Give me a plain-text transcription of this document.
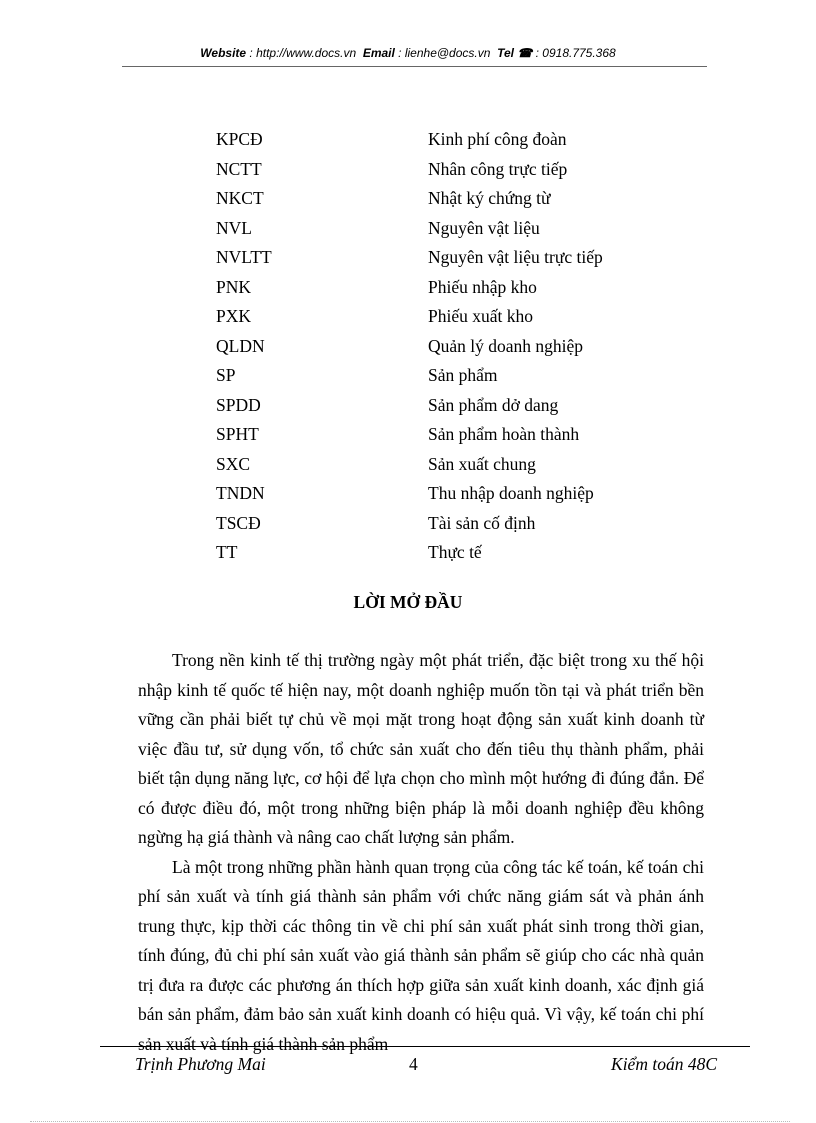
Website : http://www.docs.vn Email : lienhe@docs.vn Tel ☎ : 0918.775.368
KPCĐ	Kinh phí công đoàn
NCTT	Nhân công trực tiếp
NKCT	Nhật ký chứng từ
NVL	Nguyên vật liệu
NVLTT	Nguyên vật liệu trực tiếp
PNK	Phiếu nhập kho
PXK	Phiếu xuất kho
QLDN	Quản lý doanh nghiệp
SP	Sản phẩm
SPDD	Sản phẩm dở dang
SPHT	Sản phẩm hoàn thành
SXC	Sản xuất chung
TNDN	Thu nhập doanh nghiệp
TSCĐ	Tài sản cố định
TT	Thực tế
LỜI MỞ ĐẦU

Trong nền kinh tế thị trường ngày một phát triển, đặc biệt trong xu thế hội nhập kinh tế quốc tế hiện nay, một doanh nghiệp muốn tồn tại và phát triển bền vững cần phải biết tự chủ về mọi mặt trong hoạt động sản xuất kinh doanh từ việc đầu tư, sử dụng vốn, tổ chức sản xuất cho đến tiêu thụ thành phẩm, phải biết tận dụng năng lực, cơ hội để lựa chọn cho mình một hướng đi đúng đắn. Để có được điều đó, một trong những biện pháp là mỗi doanh nghiệp đều không ngừng hạ giá thành và nâng cao chất lượng sản phẩm.

Là một trong những phần hành quan trọng của công tác kế toán, kế toán chi phí sản xuất và tính giá thành sản phẩm với chức năng giám sát và phản ánh trung thực, kịp thời các thông tin về chi phí sản xuất phát sinh trong thời gian, tính đúng, đủ chi phí sản xuất vào giá thành sản phẩm sẽ giúp cho các nhà quản trị đưa ra được các phương án thích hợp giữa sản xuất kinh doanh, xác định giá bán sản phẩm, đảm bảo sản xuất kinh doanh có hiệu quả. Vì vậy, kế toán chi phí sản xuất và tính giá thành sản phẩm

Trịnh Phương Mai	4	Kiểm toán 48C
